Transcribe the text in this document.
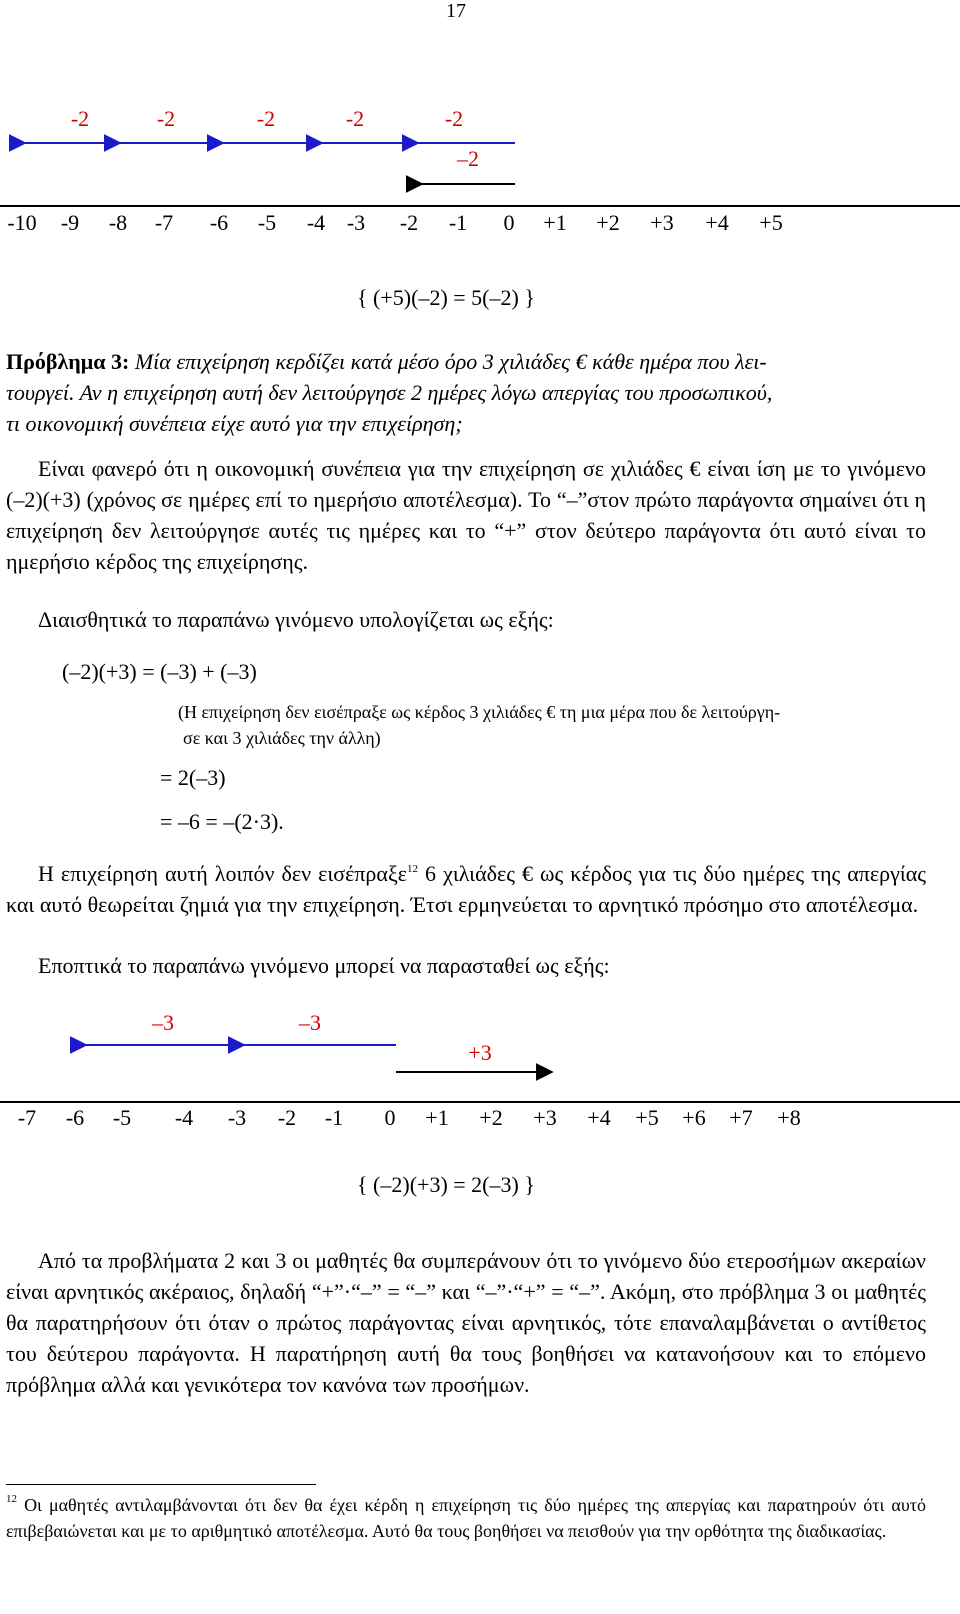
17
-2	-2	-2	-2	-2
–2
-10 -9 -8 -7 -6 -5 -4 -3 -2 -1 0 +1 +2 +3 +4 +5
{ (+5)(–2) = 5(–2) }
Πρόβλημα 3: Μία επιχείρηση κερδίζει κατά μέσο όρο 3 χιλιάδες € κάθε ημέρα που λει-
τουργεί. Αν η επιχείρηση αυτή δεν λειτούργησε 2 ημέρες λόγω απεργίας του προσωπικού,
τι οικονομική συνέπεια είχε αυτό για την επιχείρηση;
Είναι φανερό ότι η οικονομική συνέπεια για την επιχείρηση σε χιλιάδες € είναι ίση με το γινόμενο (–2)(+3) (χρόνος σε ημέρες επί το ημερήσιο αποτέλεσμα). Το “–”στον πρώτο παράγοντα σημαίνει ότι η επιχείρηση δεν λειτούργησε αυτές τις ημέρες και το “+” στον δεύτερο παράγοντα ότι αυτό είναι το ημερήσιο κέρδος της επιχείρησης.
Διαισθητικά το παραπάνω γινόμενο υπολογίζεται ως εξής:
(–2)(+3) = (–3) + (–3)
(Η επιχείρηση δεν εισέπραξε ως κέρδος 3 χιλιάδες € τη μια μέρα που δε λειτούργη-
σε και 3 χιλιάδες την άλλη)
= 2(–3)
= –6 = –(2·3).
Η επιχείρηση αυτή λοιπόν δεν εισέπραξε$^{12}$ 6 χιλιάδες € ως κέρδος για τις δύο ημέρες της απεργίας και αυτό θεωρείται ζημιά για την επιχείρηση. Έτσι ερμηνεύεται το αρνητικό πρόσημο στο αποτέλεσμα.
Εποπτικά το παραπάνω γινόμενο μπορεί να παρασταθεί ως εξής:
–3	–3
+3
-7 -6 -5 -4 -3 -2 -1 0 +1 +2 +3 +4 +5 +6 +7 +8
{ (–2)(+3) = 2(–3) }
Από τα προβλήματα 2 και 3 οι μαθητές θα συμπεράνουν ότι το γινόμενο δύο ετεροσήμων ακεραίων είναι αρνητικός ακέραιος, δηλαδή “+”·“–” = “–” και “–”·“+” = “–”. Ακόμη, στο πρόβλημα 3 οι μαθητές θα παρατηρήσουν ότι όταν ο πρώτος παράγοντας είναι αρνητικός, τότε επαναλαμβάνεται ο αντίθετος του δεύτερου παράγοντα. Η παρατήρηση αυτή θα τους βοηθήσει να κατανοήσουν και το επόμενο πρόβλημα αλλά και γενικότερα τον κανόνα των προσήμων.
$^{12}$ Οι μαθητές αντιλαμβάνονται ότι δεν θα έχει κέρδη η επιχείρηση τις δύο ημέρες της απεργίας και παρατηρούν ότι αυτό επιβεβαιώνεται και με το αριθμητικό αποτέλεσμα. Αυτό θα τους βοηθήσει να πεισθούν για την ορθότητα της διαδικασίας.
